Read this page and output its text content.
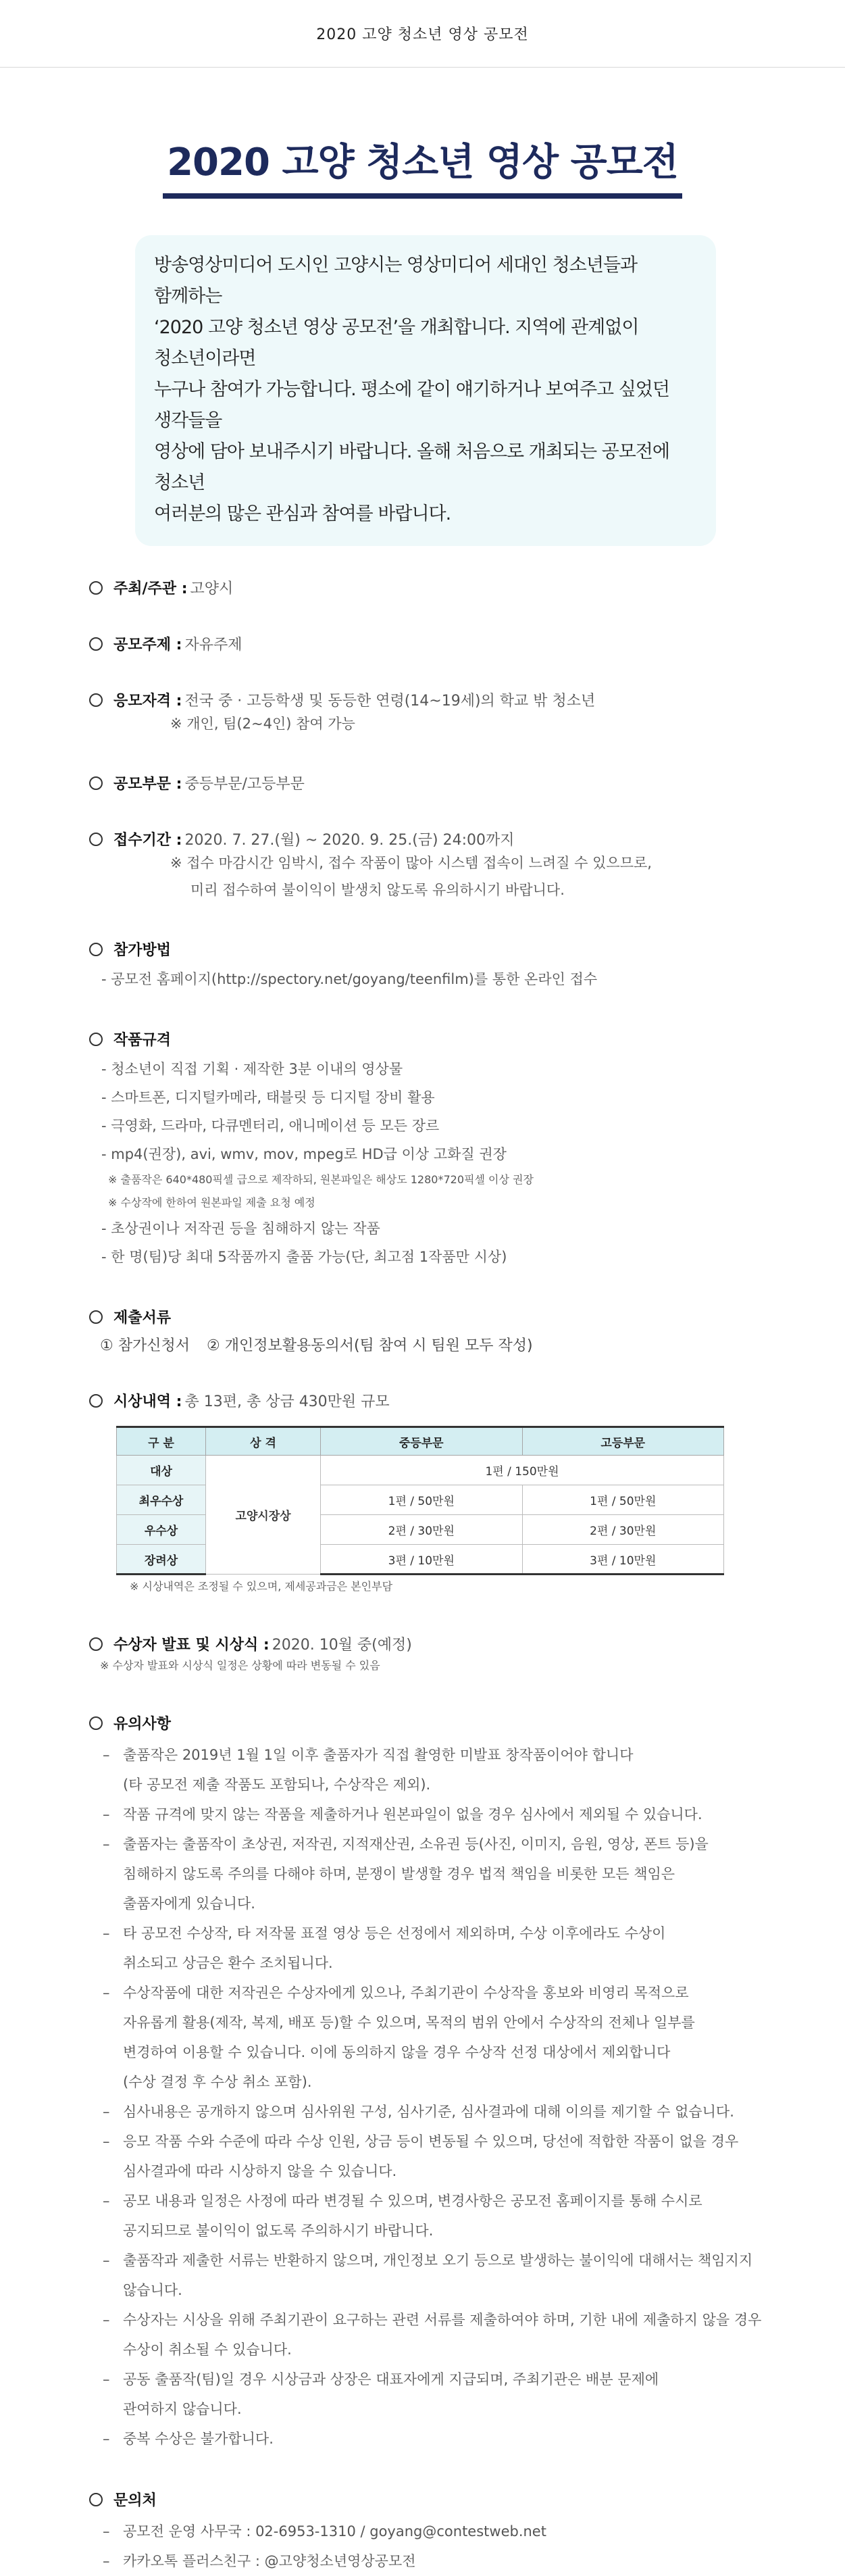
2020 고양 청소년 영상 공모전
2020 고양 청소년 영상 공모전

방송영상미디어 도시인 고양시는 영상미디어 세대인 청소년들과 함께하는

‘2020 고양 청소년 영상 공모전’을 개최합니다. 지역에 관계없이 청소년이라면

누구나 참여가 가능합니다. 평소에 같이 얘기하거나 보여주고 싶었던 생각들을

영상에 담아 보내주시기 바랍니다. 올해 처음으로 개최되는 공모전에 청소년

여러분의 많은 관심과 참여를 바랍니다.

주최/주관 : 고양시
공모주제 : 자유주제
응모자격 : 전국 중 · 고등학생 및 동등한 연령(14~19세)의 학교 밖 청소년
※ 개인, 팀(2~4인) 참여 가능
공모부문 : 중등부문/고등부문
접수기간 : 2020. 7. 27.(월) ~ 2020. 9. 25.(금) 24:00까지
※ 접수 마감시간 임박시, 접수 작품이 많아 시스템 접속이 느려질 수 있으므로,
미리 접수하여 불이익이 발생치 않도록 유의하시기 바랍니다.
참가방법
- 공모전 홈페이지(http://spectory.net/goyang/teenfilm)를 통한 온라인 접수
작품규격
- 청소년이 직접 기획 · 제작한 3분 이내의 영상물
- 스마트폰, 디지털카메라, 태블릿 등 디지털 장비 활용
- 극영화, 드라마, 다큐멘터리, 애니메이션 등 모든 장르
- mp4(권장), avi, wmv, mov, mpeg로 HD급 이상 고화질 권장
※ 출품작은 640*480픽셀 급으로 제작하되, 원본파일은 해상도 1280*720픽셀 이상 권장
※ 수상작에 한하여 원본파일 제출 요청 예정
- 초상권이나 저작권 등을 침해하지 않는 작품
- 한 명(팀)당 최대 5작품까지 출품 가능(단, 최고점 1작품만 시상)
제출서류
① 참가신청서 ② 개인정보활용동의서(팀 참여 시 팀원 모두 작성)
시상내역 : 총 13편, 총 상금 430만원 규모
구 분	상 격	중등부문	고등부문
대상	고양시장상	1편 / 150만원	
최우수상		1편 / 50만원	1편 / 50만원
우수상		2편 / 30만원	2편 / 30만원
장려상		3편 / 10만원	3편 / 10만원
※ 시상내역은 조정될 수 있으며, 제세공과금은 본인부담
수상자 발표 및 시상식 : 2020. 10월 중(예정)
※ 수상자 발표와 시상식 일정은 상황에 따라 변동될 수 있음
유의사항
– 출품작은 2019년 1월 1일 이후 출품자가 직접 촬영한 미발표 창작품이어야 합니다
(타 공모전 제출 작품도 포함되나, 수상작은 제외).
– 작품 규격에 맞지 않는 작품을 제출하거나 원본파일이 없을 경우 심사에서 제외될 수 있습니다.
– 출품자는 출품작이 초상권, 저작권, 지적재산권, 소유권 등(사진, 이미지, 음원, 영상, 폰트 등)을
침해하지 않도록 주의를 다해야 하며, 분쟁이 발생할 경우 법적 책임을 비롯한 모든 책임은
출품자에게 있습니다.
– 타 공모전 수상작, 타 저작물 표절 영상 등은 선정에서 제외하며, 수상 이후에라도 수상이
취소되고 상금은 환수 조치됩니다.
– 수상작품에 대한 저작권은 수상자에게 있으나, 주최기관이 수상작을 홍보와 비영리 목적으로
자유롭게 활용(제작, 복제, 배포 등)할 수 있으며, 목적의 범위 안에서 수상작의 전체나 일부를
변경하여 이용할 수 있습니다. 이에 동의하지 않을 경우 수상작 선정 대상에서 제외합니다
(수상 결정 후 수상 취소 포함).
– 심사내용은 공개하지 않으며 심사위원 구성, 심사기준, 심사결과에 대해 이의를 제기할 수 없습니다.
– 응모 작품 수와 수준에 따라 수상 인원, 상금 등이 변동될 수 있으며, 당선에 적합한 작품이 없을 경우
심사결과에 따라 시상하지 않을 수 있습니다.
– 공모 내용과 일정은 사정에 따라 변경될 수 있으며, 변경사항은 공모전 홈페이지를 통해 수시로
공지되므로 불이익이 없도록 주의하시기 바랍니다.
– 출품작과 제출한 서류는 반환하지 않으며, 개인정보 오기 등으로 발생하는 불이익에 대해서는 책임지지
않습니다.
– 수상자는 시상을 위해 주최기관이 요구하는 관련 서류를 제출하여야 하며, 기한 내에 제출하지 않을 경우
수상이 취소될 수 있습니다.
– 공동 출품작(팀)일 경우 시상금과 상장은 대표자에게 지급되며, 주최기관은 배분 문제에
관여하지 않습니다.
– 중복 수상은 불가합니다.
문의처
– 공모전 운영 사무국 : 02-6953-1310 / goyang@contestweb.net
– 카카오톡 플러스친구 : @고양청소년영상공모전
